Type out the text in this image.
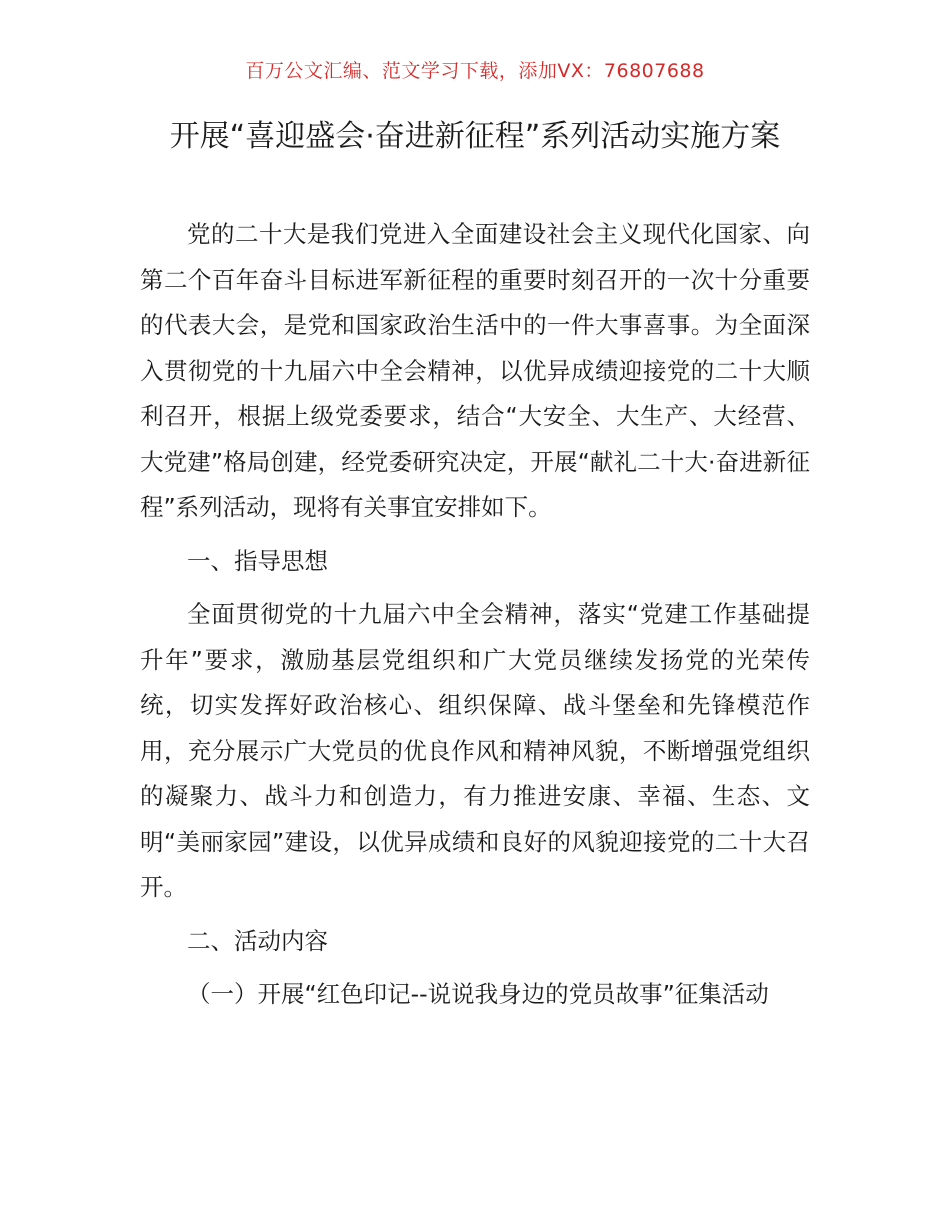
百万公文汇编、范文学习下载，添加VX：76807688
开展“喜迎盛会·奋进新征程”系列活动实施方案

党的二十大是我们党进入全面建设社会主义现代化国家、向第二个百年奋斗目标进军新征程的重要时刻召开的一次十分重要的代表大会，是党和国家政治生活中的一件大事喜事。为全面深入贯彻党的十九届六中全会精神，以优异成绩迎接党的二十大顺利召开，根据上级党委要求，结合“大安全、大生产、大经营、大党建”格局创建，经党委研究决定，开展“献礼二十大·奋进新征程”系列活动，现将有关事宜安排如下。

一、指导思想

全面贯彻党的十九届六中全会精神，落实“党建工作基础提升年”要求，激励基层党组织和广大党员继续发扬党的光荣传统，切实发挥好政治核心、组织保障、战斗堡垒和先锋模范作用，充分展示广大党员的优良作风和精神风貌，不断增强党组织的凝聚力、战斗力和创造力，有力推进安康、幸福、生态、文明“美丽家园”建设，以优异成绩和良好的风貌迎接党的二十大召开。

二、活动内容

（一）开展“红色印记--说说我身边的党员故事”征集活动
